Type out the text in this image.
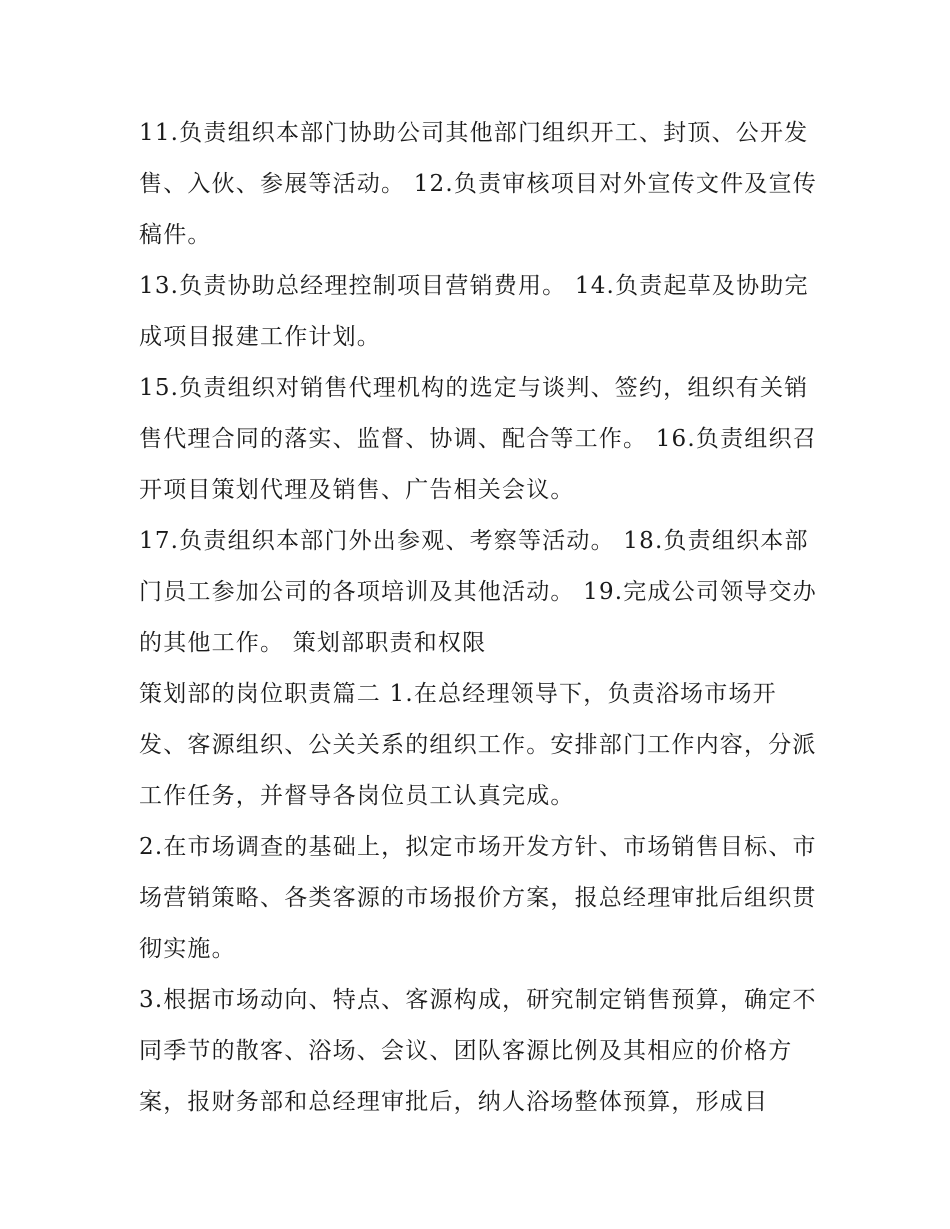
11.负责组织本部门协助公司其他部门组织开工、封顶、公开发售、入伙、参展等活动。 12.负责审核项目对外宣传文件及宣传稿件。

13.负责协助总经理控制项目营销费用。 14.负责起草及协助完成项目报建工作计划。

15.负责组织对销售代理机构的选定与谈判、签约，组织有关销售代理合同的落实、监督、协调、配合等工作。 16.负责组织召开项目策划代理及销售、广告相关会议。

17.负责组织本部门外出参观、考察等活动。 18.负责组织本部门员工参加公司的各项培训及其他活动。 19.完成公司领导交办的其他工作。 策划部职责和权限

策划部的岗位职责篇二 1.在总经理领导下，负责浴场市场开发、客源组织、公关关系的组织工作。安排部门工作内容，分派工作任务，并督导各岗位员工认真完成。

2.在市场调查的基础上，拟定市场开发方针、市场销售目标、市场营销策略、各类客源的市场报价方案，报总经理审批后组织贯彻实施。

3.根据市场动向、特点、客源构成，研究制定销售预算，确定不同季节的散客、浴场、会议、团队客源比例及其相应的价格方案，报财务部和总经理审批后，纳人浴场整体预算，形成目
